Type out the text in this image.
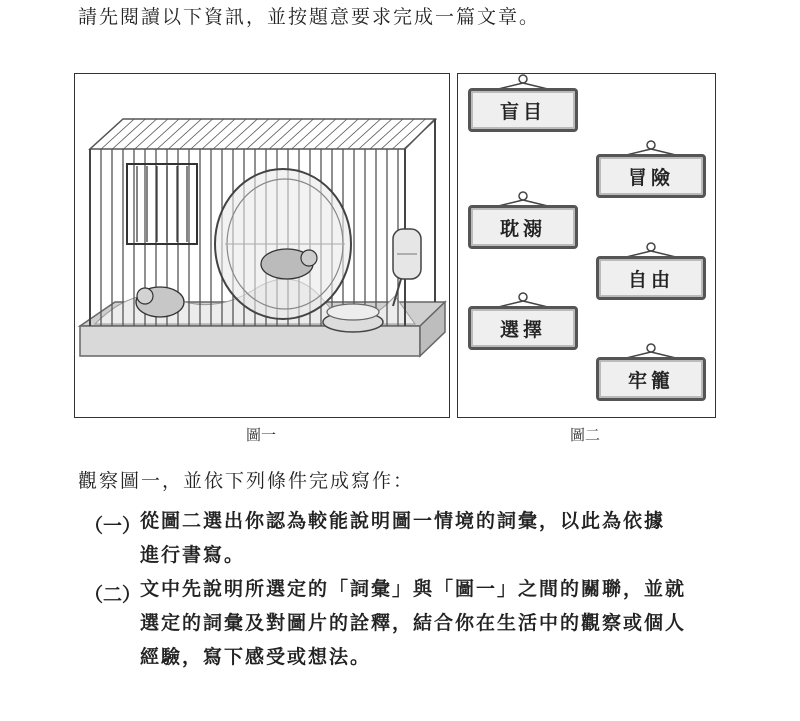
請先閱讀以下資訊，並按題意要求完成一篇文章。
圖一
盲目
冒險
耽溺
自由
選擇
牢籠
圖二
觀察圖一，並依下列條件完成寫作：
（一）
從圖二選出你認為較能說明圖一情境的詞彙，以此為依據
進行書寫。
（二）
文中先說明所選定的「詞彙」與「圖一」之間的關聯，並就
選定的詞彙及對圖片的詮釋，結合你在生活中的觀察或個人
經驗，寫下感受或想法。
